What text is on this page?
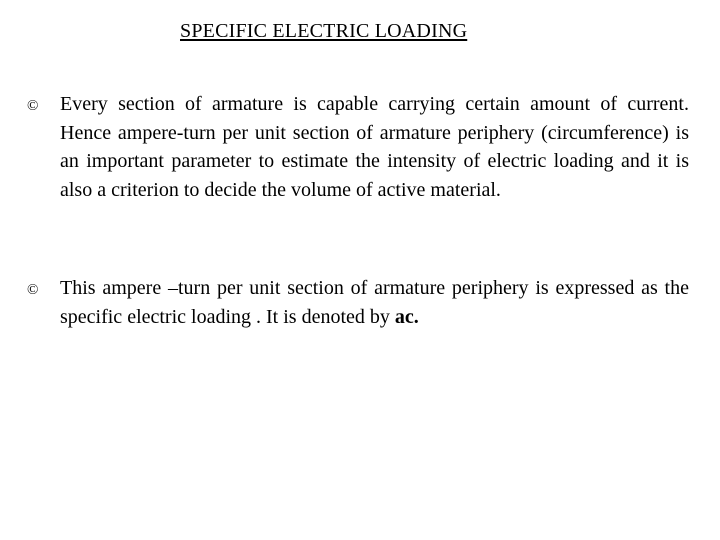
SPECIFIC ELECTRIC LOADING
© Every section of armature is capable carrying certain amount of current. Hence ampere-turn per unit section of armature periphery (circumference) is an important parameter to estimate the intensity of electric loading and it is also a criterion to decide the volume of active material.
© This ampere –turn per unit section of armature periphery is expressed as the specific electric loading . It is denoted by ac.
